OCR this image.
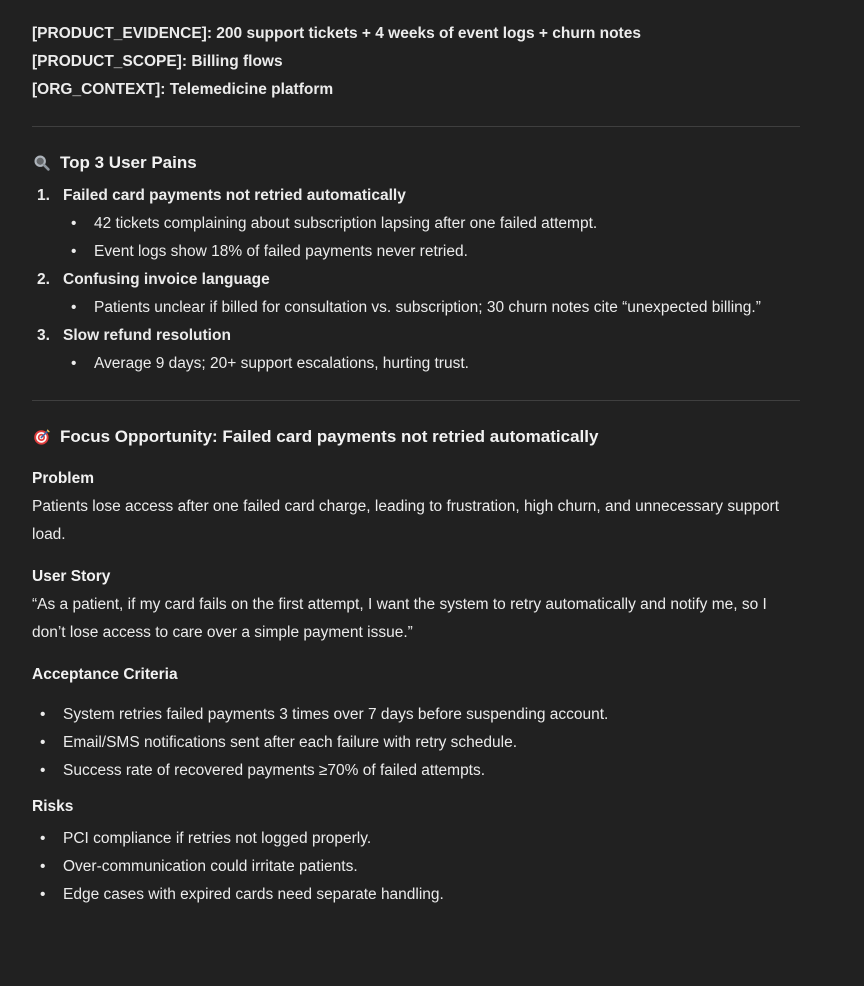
[PRODUCT_EVIDENCE]: 200 support tickets + 4 weeks of event logs + churn notes

[PRODUCT_SCOPE]: Billing flows

[ORG_CONTEXT]: Telemedicine platform

Top 3 User Pains
1. Failed card payments not retried automatically
•	42 tickets complaining about subscription lapsing after one failed attempt.
•	Event logs show 18% of failed payments never retried.
2. Confusing invoice language
•	Patients unclear if billed for consultation vs. subscription; 30 churn notes cite “unexpected billing.”
3. Slow refund resolution
•	Average 9 days; 20+ support escalations, hurting trust.
Focus Opportunity: Failed card payments not retried automatically
Problem

Patients lose access after one failed card charge, leading to frustration, high churn, and unnecessary support load.

User Story

“As a patient, if my card fails on the first attempt, I want the system to retry automatically and notify me, so I don’t lose access to care over a simple payment issue.”

Acceptance Criteria
•	System retries failed payments 3 times over 7 days before suspending account.
•	Email/SMS notifications sent after each failure with retry schedule.
•	Success rate of recovered payments ≥70% of failed attempts.
Risks
•	PCI compliance if retries not logged properly.
•	Over-communication could irritate patients.
•	Edge cases with expired cards need separate handling.
